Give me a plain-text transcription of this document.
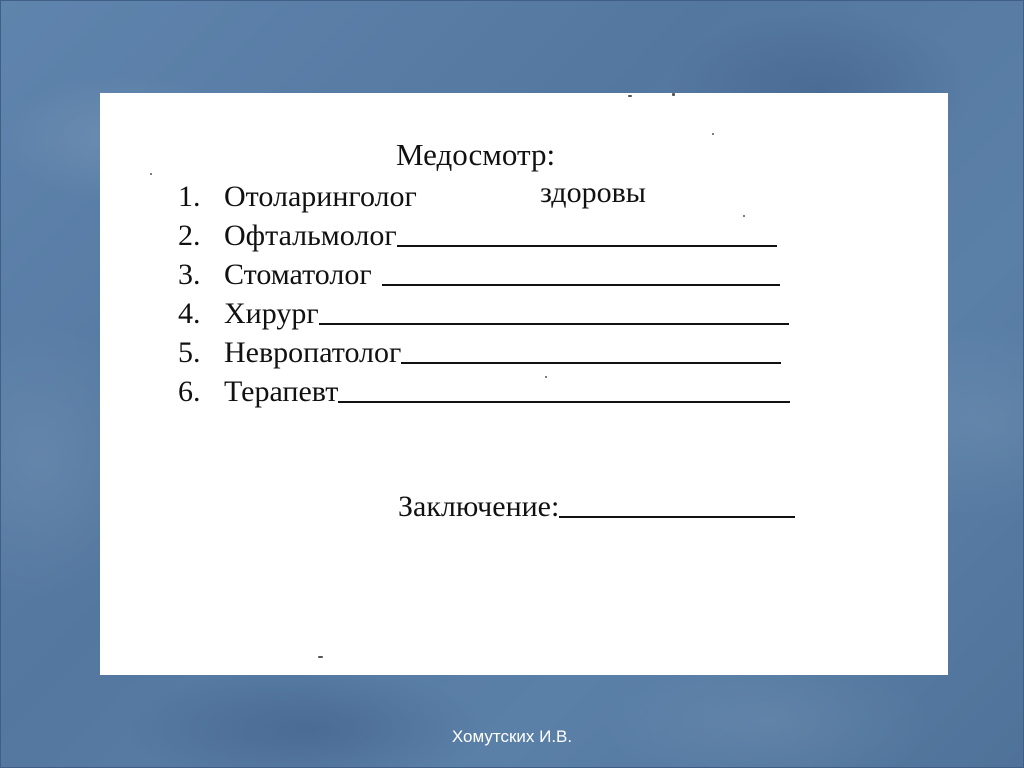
Медосмотр:
1. Отоларинголог	здоровы
2. Офтальмолог
3. Стоматолог
4. Хирург
5. Невропатолог
6. Терапевт
Заключение:
Хомутских И.В.
